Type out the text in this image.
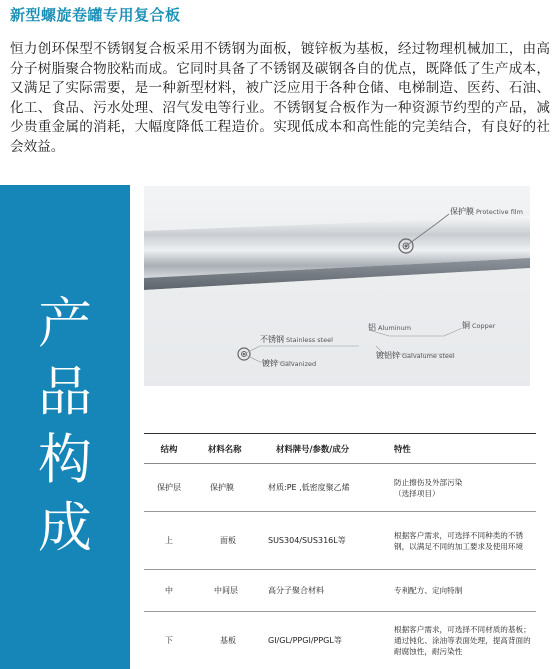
新型螺旋卷罐专用复合板

恒力创环保型不锈钢复合板采用不锈钢为面板，镀锌板为基板，经过物理机械加工，由高分子树脂聚合物胶粘而成。它同时具备了不锈钢及碳钢各自的优点，既降低了生产成本，又满足了实际需要，是一种新型材料，被广泛应用于各种仓储、电梯制造、医药、石油、化工、食品、污水处理、沼气发电等行业。不锈钢复合板作为一种资源节约型的产品，减少贵重金属的消耗，大幅度降低工程造价。实现低成本和高性能的完美结合，有良好的社会效益。

产
品
构
成
保护膜 Protective film
不锈钢 Stainless steel
铝 Aluminum	铜 Copper
镀锌 Galvanized
镀铝锌 Galvalume steel
结构	材料名称	材料牌号/参数/成分	特性
保护层	保护膜	材质:PE ,低密度聚乙烯	防止擦伤及外部污染
（选择项目）
上	面板	SUS304/SUS316L等	根据客户需求，可选择不同种类的不锈钢，以满足不同的加工要求及使用环境
中	中间层	高分子聚合材料	专利配方、定向特制
下	基板	GI/GL/PPGI/PPGL等	根据客户需求，可选择不同材质的基板；通过钝化、涂油等表面处理，提高背面的耐腐蚀性，耐污染性
